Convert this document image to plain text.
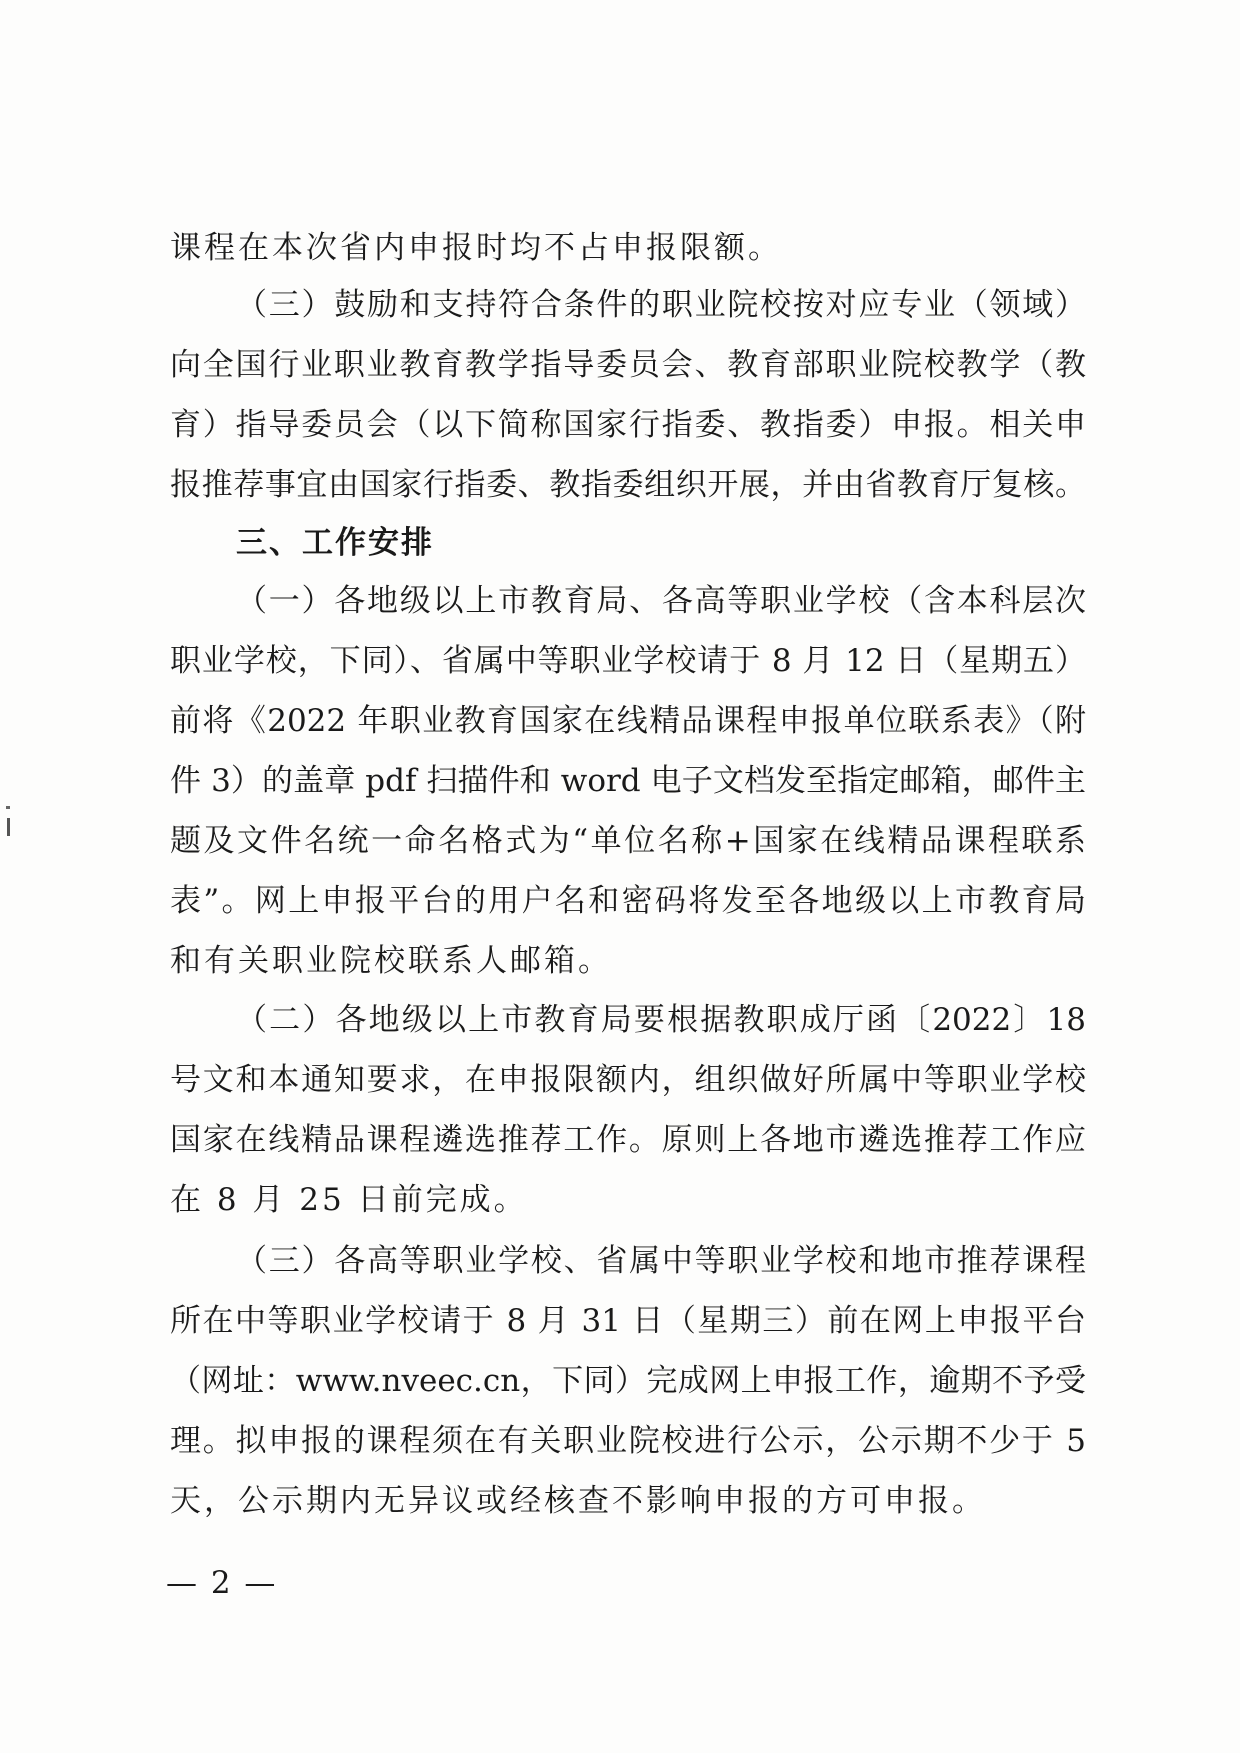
课程在本次省内申报时均不占申报限额。
（三）鼓励和支持符合条件的职业院校按对应专业（领域）
向全国行业职业教育教学指导委员会、教育部职业院校教学（教
育）指导委员会（以下简称国家行指委、教指委）申报。相关申
报推荐事宜由国家行指委、教指委组织开展，并由省教育厅复核。
三、工作安排
（一）各地级以上市教育局、各高等职业学校（含本科层次
职业学校，下同）、省属中等职业学校请于 8 月 12 日（星期五）
前将《2022 年职业教育国家在线精品课程申报单位联系表》（附
件 3）的盖章 pdf 扫描件和 word 电子文档发至指定邮箱，邮件主
题及文件名统一命名格式为“单位名称+国家在线精品课程联系
表”。网上申报平台的用户名和密码将发至各地级以上市教育局
和有关职业院校联系人邮箱。
（二）各地级以上市教育局要根据教职成厅函〔2022〕18
号文和本通知要求，在申报限额内，组织做好所属中等职业学校
国家在线精品课程遴选推荐工作。原则上各地市遴选推荐工作应
在 8 月 25 日前完成。
（三）各高等职业学校、省属中等职业学校和地市推荐课程
所在中等职业学校请于 8 月 31 日（星期三）前在网上申报平台
（网址：www.nveec.cn，下同）完成网上申报工作，逾期不予受
理。拟申报的课程须在有关职业院校进行公示，公示期不少于 5
天，公示期内无异议或经核查不影响申报的方可申报。
— 2 —
